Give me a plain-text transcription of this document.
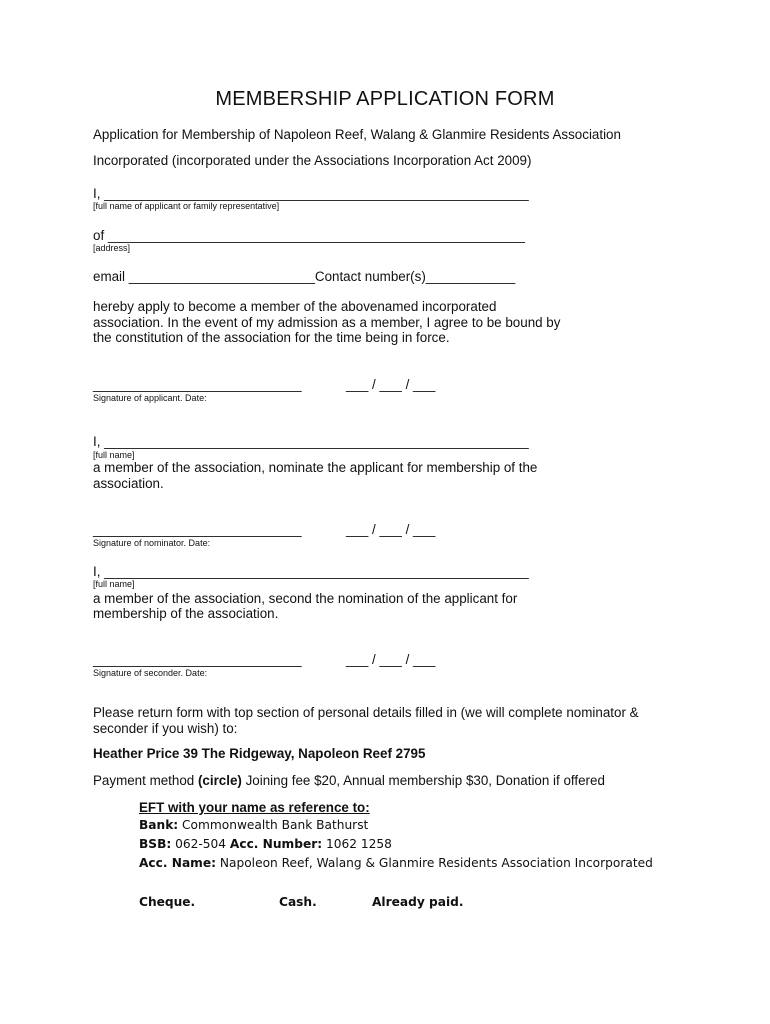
MEMBERSHIP APPLICATION FORM
Application for Membership of Napoleon Reef, Walang & Glanmire Residents Association
Incorporated (incorporated under the Associations Incorporation Act 2009)
I, _________________________________________________________
[full name of applicant or family representative]
of ________________________________________________________
[address]
email _________________________Contact number(s)____________
hereby apply to become a member of the abovenamed incorporated
association. In the event of my admission as a member, I agree to be bound by
the constitution of the association for the time being in force.
____________________________	___ / ___ / ___
Signature of applicant. Date:
I, _________________________________________________________
[full name]
a member of the association, nominate the applicant for membership of the
association.
____________________________	___ / ___ / ___
Signature of nominator. Date:
I, _________________________________________________________
[full name]
a member of the association, second the nomination of the applicant for
membership of the association.
____________________________	___ / ___ / ___
Signature of seconder. Date:
Please return form with top section of personal details filled in (we will complete nominator &
seconder if you wish) to:
Heather Price 39 The Ridgeway, Napoleon Reef 2795
Payment method (circle) Joining fee $20, Annual membership $30, Donation if offered
EFT with your name as reference to:
Bank: Commonwealth Bank Bathurst
BSB: 062-504 Acc. Number: 1062 1258
Acc. Name: Napoleon Reef, Walang & Glanmire Residents Association Incorporated
Cheque.	Cash.	Already paid.
